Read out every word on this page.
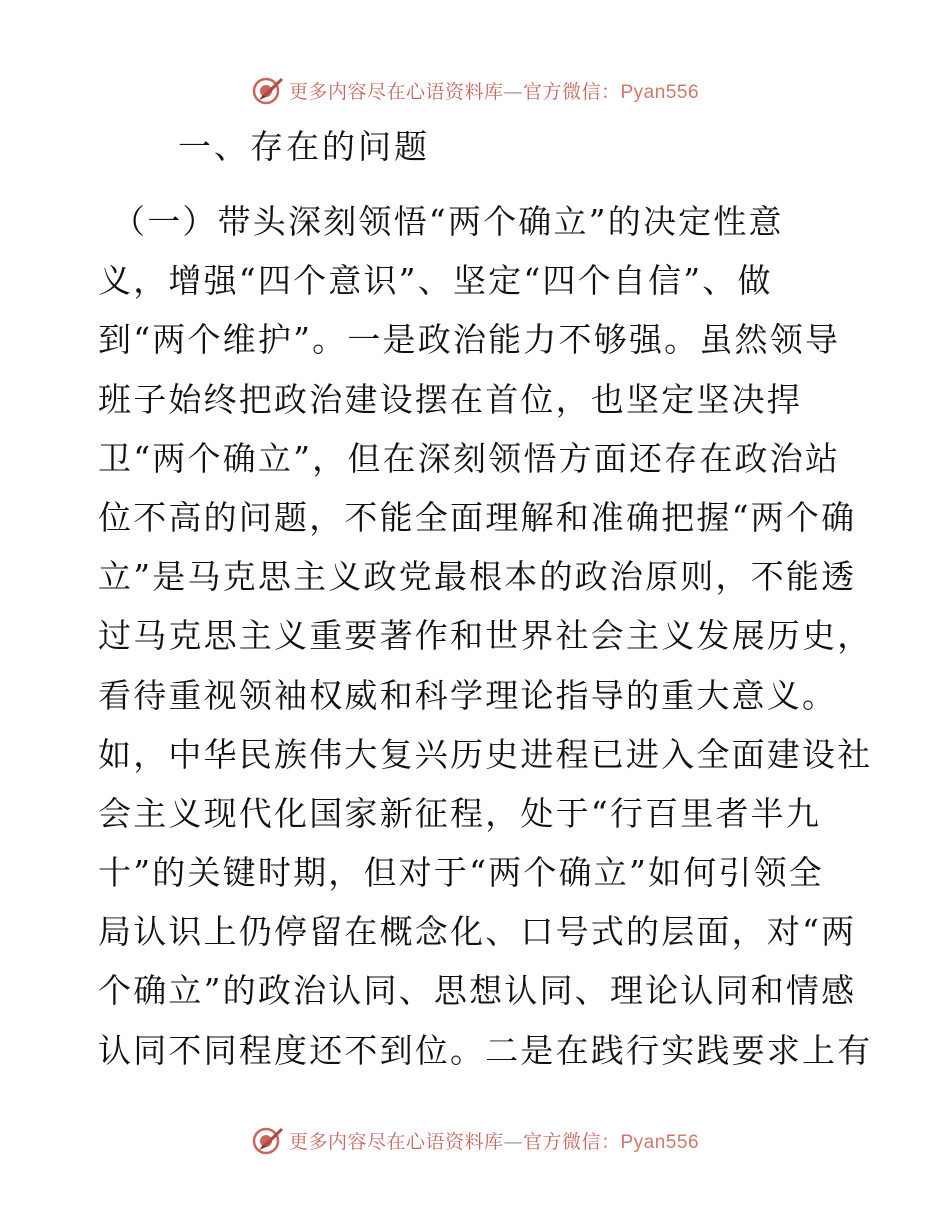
更多内容尽在心语资料库—官方微信：Pyan556
一、存在的问题
（一）带头深刻领悟“两个确立”的决定性意
义，增强“四个意识”、坚定“四个自信”、做
到“两个维护”。一是政治能力不够强。虽然领导
班子始终把政治建设摆在首位，也坚定坚决捍
卫“两个确立”，但在深刻领悟方面还存在政治站
位不高的问题，不能全面理解和准确把握“两个确
立”是马克思主义政党最根本的政治原则，不能透
过马克思主义重要著作和世界社会主义发展历史，
看待重视领袖权威和科学理论指导的重大意义。
如，中华民族伟大复兴历史进程已进入全面建设社
会主义现代化国家新征程，处于“行百里者半九
十”的关键时期，但对于“两个确立”如何引领全
局认识上仍停留在概念化、口号式的层面，对“两
个确立”的政治认同、思想认同、理论认同和情感
认同不同程度还不到位。二是在践行实践要求上有
更多内容尽在心语资料库—官方微信：Pyan556
